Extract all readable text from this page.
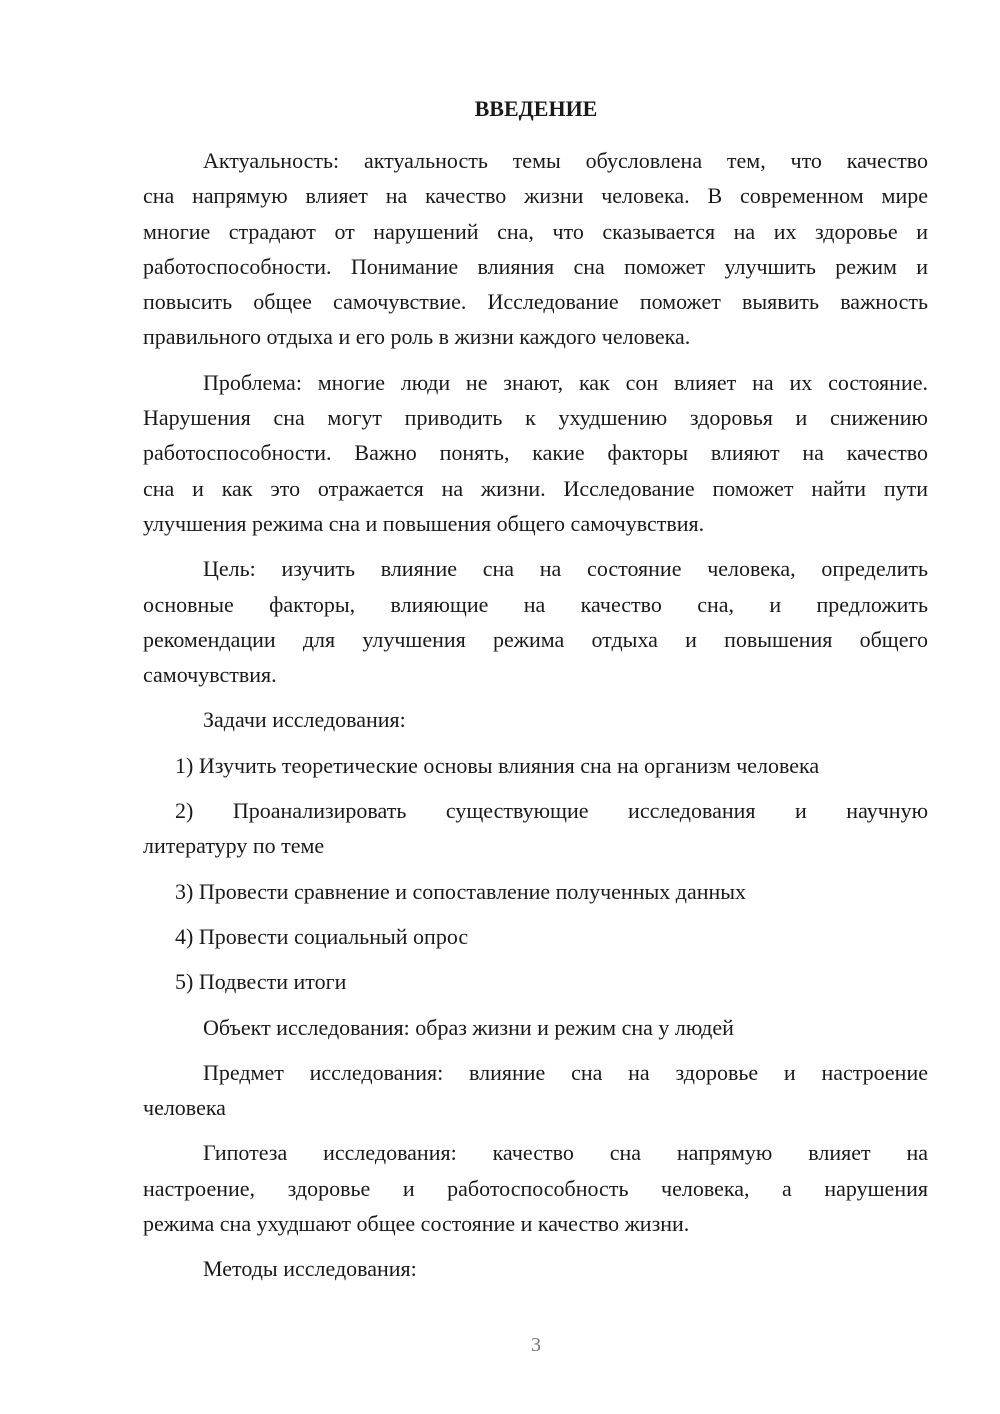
ВВЕДЕНИЕ
Актуальность: актуальность темы обусловлена тем, что качество
сна напрямую влияет на качество жизни человека. В современном мире
многие страдают от нарушений сна, что сказывается на их здоровье и
работоспособности. Понимание влияния сна поможет улучшить режим и
повысить общее самочувствие. Исследование поможет выявить важность
правильного отдыха и его роль в жизни каждого человека.
Проблема: многие люди не знают, как сон влияет на их состояние.
Нарушения сна могут приводить к ухудшению здоровья и снижению
работоспособности. Важно понять, какие факторы влияют на качество
сна и как это отражается на жизни. Исследование поможет найти пути
улучшения режима сна и повышения общего самочувствия.
Цель: изучить влияние сна на состояние человека, определить
основные факторы, влияющие на качество сна, и предложить
рекомендации для улучшения режима отдыха и повышения общего
самочувствия.
Задачи исследования:
1) Изучить теоретические основы влияния сна на организм человека
2) Проанализировать существующие исследования и научную
литературу по теме
3) Провести сравнение и сопоставление полученных данных
4) Провести социальный опрос
5) Подвести итоги
Объект исследования: образ жизни и режим сна у людей
Предмет исследования: влияние сна на здоровье и настроение
человека
Гипотеза исследования: качество сна напрямую влияет на
настроение, здоровье и работоспособность человека, а нарушения
режима сна ухудшают общее состояние и качество жизни.
Методы исследования:
3
